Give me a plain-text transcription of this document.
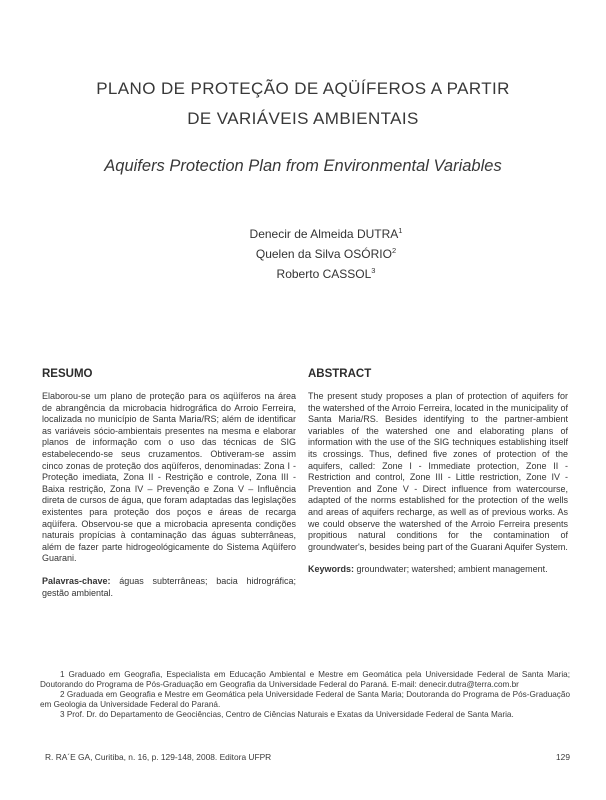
PLANO DE PROTEÇÃO DE AQÜÍFEROS A PARTIR
DE VARIÁVEIS AMBIENTAIS
Aquifers Protection Plan from Environmental Variables
Denecir de Almeida DUTRA$^1$
Quelen da Silva OSÓRIO$^2$
Roberto CASSOL$^3$
RESUMO

Elaborou-se um plano de proteção para os aqüíferos na área de abrangência da microbacia hidrográfica do Arroio Ferreira, localizada no município de Santa Maria/RS; além de identificar as variáveis sócio-ambientais presentes na mesma e elaborar planos de informação com o uso das técnicas de SIG estabelecendo-se seus cruzamentos. Obtiveram-se assim cinco zonas de proteção dos aqüíferos, denominadas: Zona I - Proteção imediata, Zona II - Restrição e controle, Zona III - Baixa restrição, Zona IV – Prevenção e Zona V – Influência direta de cursos de água, que foram adaptadas das legislações existentes para proteção dos poços e áreas de recarga aqüífera. Observou-se que a microbacia apresenta condições naturais propícias à contaminação das águas subterrâneas, além de fazer parte hidrogeológicamente do Sistema Aqüífero Guarani.

Palavras-chave: águas subterrâneas; bacia hidrográfica; gestão ambiental.

ABSTRACT

The present study proposes a plan of protection of aquifers for the watershed of the Arroio Ferreira, located in the municipality of Santa Maria/RS. Besides identifying to the partner-ambient variables of the watershed one and elaborating plans of information with the use of the SIG techniques establishing itself its crossings. Thus, defined five zones of protection of the aquifers, called: Zone I - Immediate protection, Zone II - Restriction and control, Zone III - Little restriction, Zone IV - Prevention and Zone V - Direct influence from watercourse, adapted of the norms established for the protection of the wells and areas of aquifers recharge, as well as of previous works. As we could observe the watershed of the Arroio Ferreira presents propitious natural conditions for the contamination of groundwater's, besides being part of the Guarani Aquifer System.

Keywords: groundwater; watershed; ambient management.

1 Graduado em Geografia, Especialista em Educação Ambiental e Mestre em Geomática pela Universidade Federal de Santa Maria; Doutorando do Programa de Pós-Graduação em Geografia da Universidade Federal do Paraná. E-mail: denecir.dutra@terra.com.br

2 Graduada em Geografia e Mestre em Geomática pela Universidade Federal de Santa Maria; Doutoranda do Programa de Pós-Graduação em Geologia da Universidade Federal do Paraná.

3 Prof. Dr. do Departamento de Geociências, Centro de Ciências Naturais e Exatas da Universidade Federal de Santa Maria.

R. RA´E GA, Curitiba, n. 16, p. 129-148, 2008. Editora UFPR	129
